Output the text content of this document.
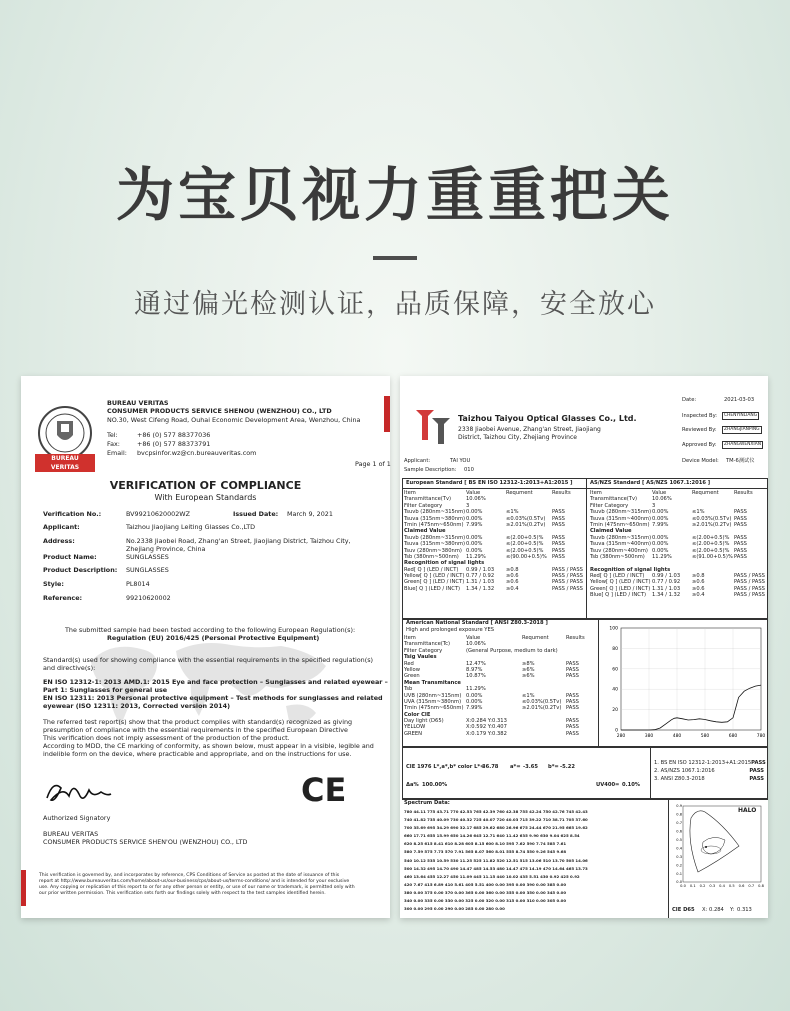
为宝贝视力重重把关
通过偏光检测认证，品质保障，安全放心
BUREAU
VERITAS
BUREAU VERITAS
CONSUMER PRODUCTS SERVICE SHENOU (WENZHOU) CO., LTD
NO.30, West Cifeng Road, Ouhai Economic Development Area, Wenzhou, China
Tel:	+86 (0) 577 88377036
Fax:	+86 (0) 577 88373791
Email: bvcpsinfor.wz@cn.bureauveritas.com
Page 1 of 1
VERIFICATION OF COMPLIANCE
With European Standards
Verification No.:	BV99210620002WZ	Issued Date: March 9, 2021
Applicant:	Taizhou Jiaojiang Leiting Glasses Co.,LTD
Address:	No.2338 Jiaobei Road, Zhang'an Street, Jiaojiang District, Taizhou City,
Zhejiang Province, China
Product Name:	SUNGLASSES
Product Description: SUNGLASSES
Style:	PL8014
Reference:	99210620002
The submitted sample had been tested according to the following European Regulation(s):
Regulation (EU) 2016/425 (Personal Protective Equipment)
Standard(s) used for showing compliance with the essential requirements in the specified regulation(s)
and directive(s):
EN ISO 12312-1: 2013 AMD.1: 2015 Eye and face protection – Sunglasses and related eyewear –
Part 1: Sunglasses for general use
EN ISO 12311: 2013 Personal protective equipment – Test methods for sunglasses and related
eyewear (ISO 12311: 2013, Corrected version 2014)
The referred test report(s) show that the product complies with standard(s) recognized as giving
presumption of compliance with the essential requirements in the specified European Directive
This verification does not imply assessment of the production of the product.
According to MDD, the CE marking of conformity, as shown below, must appear in a visible, legible and
indelible form on the device, where practicable and appropriate, and on the instructions for use.
CE
Authorized Signatory
BUREAU VERITAS
CONSUMER PRODUCTS SERVICE SHEN'OU (WENZHOU) CO., LTD
This verification is governed by, and incorporates by reference, CPS Conditions of Service as posted at the date of issuance of this
report at http://www.bureauveritas.com/home/about-us/our-business/cps/about-us/terms-conditions/ and is intended for your exclusive
use. Any copying or replication of this report to or for any other person or entity, or use of our name or trademark, is permitted only with
our prior written permission. This verification sets forth our findings solely with respect to the test samples identified herein.
Taizhou Taiyou Optical Glasses Co., Ltd.
2338 Jiaobei Avenue, Zhang'an Street, Jiaojiang
District, Taizhou City, Zhejiang Province
Date:	2021-03-03
Inspected By:	CHENYINLIANG
Reviewed By:	ZHANGJIANPING
Approved By:	ZHANGWENXIAN
Device Model: TM-6测试仪
Applicant:	TAI YOU
Sample Description: 010
European Standard [ BS EN ISO 12312-1:2013+A1:2015 ]	AS/NZS Standard [ AS/NZS 1067.1:2016 ]
Item	Value	Requment	Results
Transmittance(Tv)	10.06%
Filter Category	3
Tsuvb (280nm~315nm) 0.00%	≤1%	PASS
Tsuva (315nm~380nm) 0.00%	≤0.03%(0.5Tv)	PASS
Tmin (475nm~650nm) 7.99%	≥2.01%(0.2Tv)	PASS
Claimed Value
Tsuvb (280nm~315nm) 0.00%	≤(2.00+0.5)%	PASS
Tsuva (315nm~380nm) 0.00%	≤(2.00+0.5)%	PASS
Tsuv (280nm~380nm) 0.00%	≤(2.00+0.5)%	PASS
Tsb (380nm~500nm)	11.29%	≤(90.00+0.5)%	PASS
Recognition of signal lights
Red[ Q ] (LED / INCT)	0.99 / 1.03	≥0.8	PASS / PASS
Yellow[ Q ] (LED / INCT) 0.77 / 0.92	≥0.6	PASS / PASS
Green[ Q ] (LED / INCT) 1.31 / 1.03	≥0.6	PASS / PASS
Blue[ Q ] (LED / INCT)	1.34 / 1.32	≥0.4	PASS / PASS
Item	Value	Requment	Results
Transmittance(Tv)	10.06%
Filter Category	3
Tsuvb (280nm~315nm) 0.00%	≤1%	PASS
Tsuva (315nm~400nm) 0.00%	≤0.03%(0.5Tv) PASS
Tmin (475nm~650nm) 7.99%	≥2.01%(0.2Tv) PASS
Claimed Value
Tsuvb (280nm~315nm) 0.00%	≤(2.00+0.5)% PASS
Tsuva (315nm~400nm) 0.00%	≤(2.00+0.5)% PASS
Tsuv (280nm~400nm) 0.00%	≤(2.00+0.5)% PASS
Tsb (380nm~500nm)	11.29%	≤(91.00+0.5)% PASS
Recognition of signal lights
Red[ Q ] (LED / INCT)	0.99 / 1.03	≥0.8	PASS / PASS
Yellow[ Q ] (LED / INCT) 0.77 / 0.92	≥0.6	PASS / PASS
Green[ Q ] (LED / INCT) 1.31 / 1.03	≥0.6	PASS / PASS
Blue[ Q ] (LED / INCT)	1.34 / 1.32	≥0.4	PASS / PASS
American National Standard [ ANSI Z80.3-2018 ]
High and prolonged exposure YES
Item	Value	Requment	Results
Transmittance(Tc)	10.06%
Filter Category	(General Purpose, medium to dark)
Tsig Vaules
Red	12.47%	≥8%	PASS
Yellow	8.97%	≥6%	PASS
Green	10.87%	≥6%	PASS
Mean Transmitance
Tsb	11.29%
UVB (280nm~315nm) 0.00%	≤1%	PASS
UVA (315nm~380nm) 0.00%	≤0.03%(0.5Tv) PASS
Tmin (475nm~650nm) 7.99%	≥2.01%(0.2Tv) PASS
Color CIE
Day light (D65)	X:0.284 Y:0.313	PASS
YELLOW	X:0.592 Y:0.407	PASS
GREEN	X:0.179 Y:0.382	PASS
100
80
60
40
20
0
280	380	480	580	680	780
CIE 1976 L*,a*,b* color L*=
36.78 a*= -3.65 b*= -5.22
Δa% 100.00%	UV400= 0.10%
1. BS EN ISO 12312-1:2013+A1:2015 PASS
2. AS/NZS 1067.1:2016	PASS
3. ANSI Z80.3-2018	PASS
Spectrum Data:
780 44.11 775 43.71 770 42.53 765 42.39 760 42.38 755 42.24 750 42.76 745 42.43
740 41.82 735 40.09 730 40.32 725 40.07 720 40.03 715 39.22 710 38.71 705 37.60
700 35.69 695 34.29 690 32.17 685 29.62 680 26.96 675 24.44 670 21.95 665 19.62
660 17.71 655 15.99 650 14.26 645 12.71 640 11.42 635 9.90 630 9.04 625 8.54
620 8.25 615 8.41 610 8.28 605 8.15 600 8.10 595 7.62 590 7.74 585 7.61
580 7.59 575 7.73 570 7.91 565 8.07 560 8.01 555 8.74 550 9.26 545 9.68
540 10.12 535 10.59 530 11.25 525 11.82 520 12.51 515 13.06 510 13.70 505 14.06
500 14.32 495 14.70 490 14.47 485 14.53 480 14.47 475 14.19 470 14.64 465 13.73
460 13.64 455 12.27 450 11.09 445 11.15 440 10.02 435 5.51 430 0.92 425 0.92
420 7.67 415 6.89 410 5.61 405 5.51 400 0.00 395 0.00 390 0.00 385 0.00
380 0.00 375 0.00 370 0.00 365 0.00 360 0.00 355 0.00 350 0.00 345 0.00
340 0.00 335 0.00 330 0.00 325 0.00 320 0.00 315 0.00 310 0.00 305 0.00
300 0.00 295 0.00 290 0.00 285 0.00 280 0.00
0.9
0.8
0.7
0.6
0.5
0.4
0.3
0.2
0.1
0.0
0.0 0.1 0.2 0.3 0.4 0.5 0.6 0.7 0.8
HALO
CIE D65 X: 0.284 Y: 0.313
